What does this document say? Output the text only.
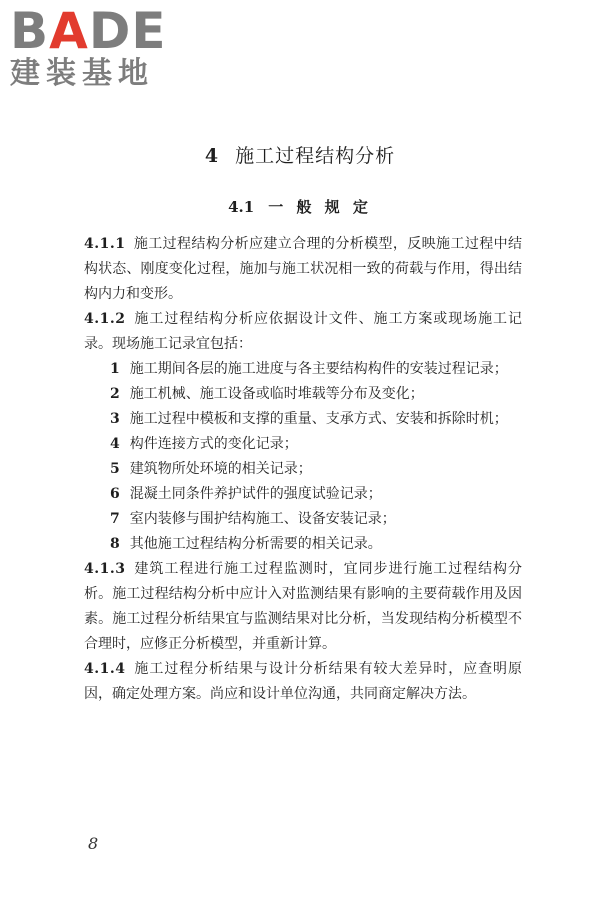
BADE
建装基地
4 施工过程结构分析
4.1 一 般 规 定

4.1.1 施工过程结构分析应建立合理的分析模型，反映施工过程中结构状态、刚度变化过程，施加与施工状况相一致的荷载与作用，得出结构内力和变形。

4.1.2 施工过程结构分析应依据设计文件、施工方案或现场施工记录。现场施工记录宜包括：

1 施工期间各层的施工进度与各主要结构构件的安装过程记录；

2 施工机械、施工设备或临时堆载等分布及变化；

3 施工过程中模板和支撑的重量、支承方式、安装和拆除时机；

4 构件连接方式的变化记录；

5 建筑物所处环境的相关记录；

6 混凝土同条件养护试件的强度试验记录；

7 室内装修与围护结构施工、设备安装记录；

8 其他施工过程结构分析需要的相关记录。

4.1.3 建筑工程进行施工过程监测时，宜同步进行施工过程结构分析。施工过程结构分析中应计入对监测结果有影响的主要荷载作用及因素。施工过程分析结果宜与监测结果对比分析，当发现结构分析模型不合理时，应修正分析模型，并重新计算。

4.1.4 施工过程分析结果与设计分析结果有较大差异时，应查明原因，确定处理方案。尚应和设计单位沟通，共同商定解决方法。

8
